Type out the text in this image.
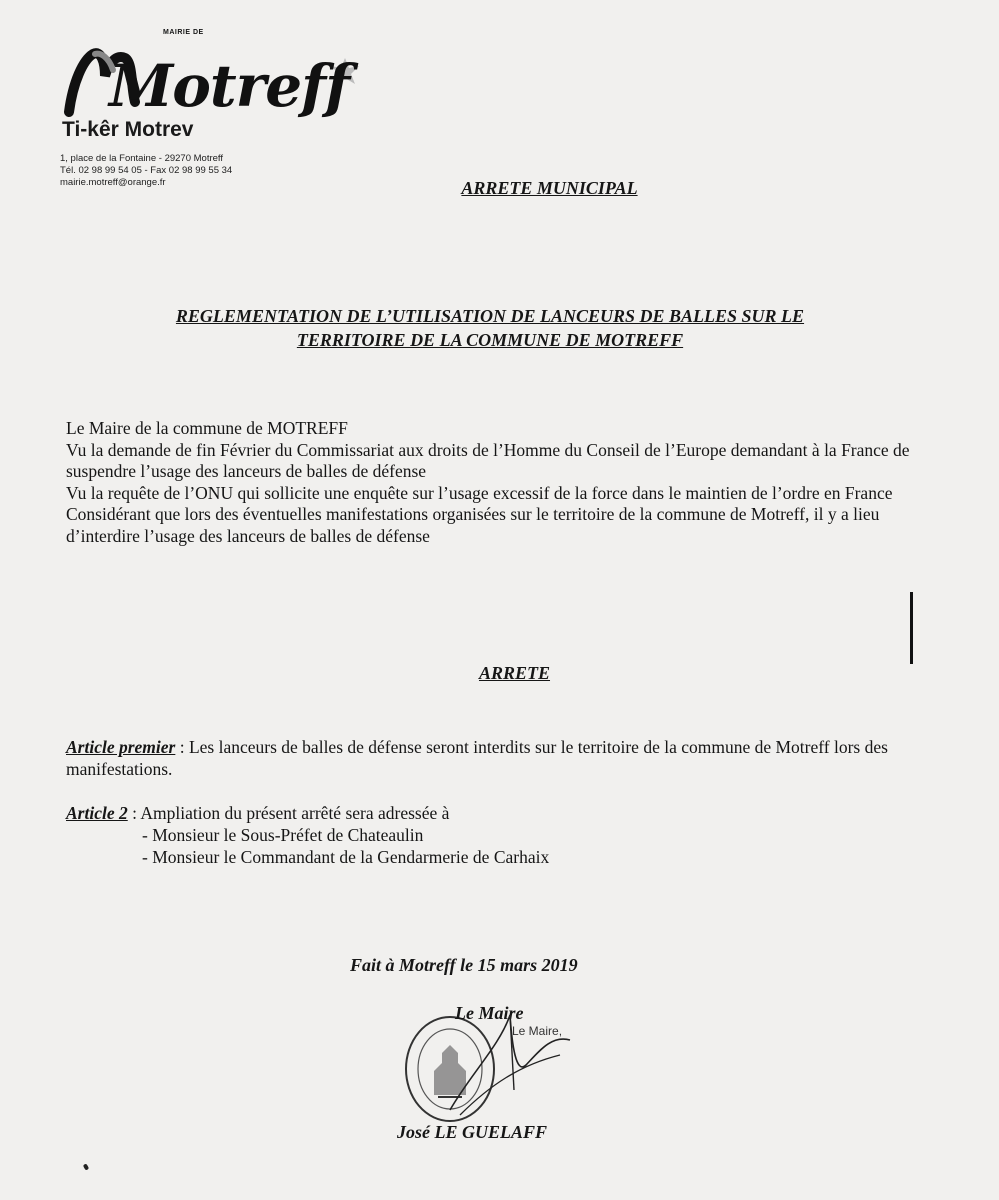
MAIRIE DE
Motreff
Ti-kêr Motrev
1, place de la Fontaine - 29270 Motreff
Tél. 02 98 99 54 05 - Fax 02 98 99 55 34
mairie.motreff@orange.fr	ARRETE MUNICIPAL
REGLEMENTATION DE L’UTILISATION DE LANCEURS DE BALLES SUR LE
TERRITOIRE DE LA COMMUNE DE MOTREFF

Le Maire de la commune de MOTREFF

Vu la demande de fin Février du Commissariat aux droits de l’Homme du Conseil de l’Europe demandant à la France de suspendre l’usage des lanceurs de balles de défense

Vu la requête de l’ONU qui sollicite une enquête sur l’usage excessif de la force dans le maintien de l’ordre en France

Considérant que lors des éventuelles manifestations organisées sur le territoire de la commune de Motreff, il y a lieu d’interdire l’usage des lanceurs de balles de défense

ARRETE

Article premier : Les lanceurs de balles de défense seront interdits sur le territoire de la commune de Motreff lors des manifestations.

Article 2 : Ampliation du présent arrêté sera adressée à

- Monsieur le Sous-Préfet de Chateaulin
- Monsieur le Commandant de la Gendarmerie de Carhaix
Fait à Motreff le 15 mars 2019
Le Maire
Le Maire,
José LE GUELAFF
